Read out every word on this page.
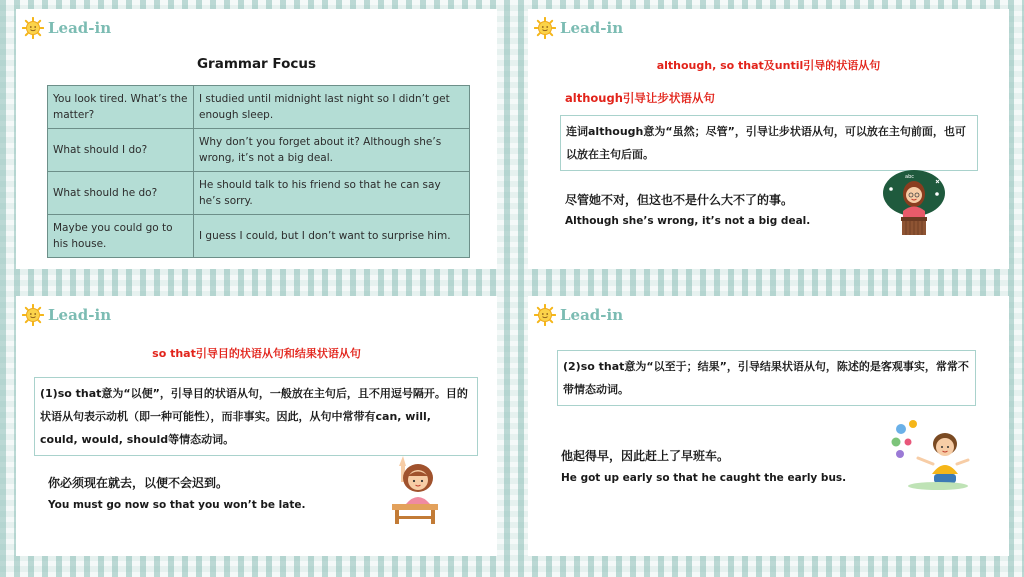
Lead-in
Grammar Focus
You look tired. What’s the matter?	I studied until midnight last night so I didn’t get enough sleep.
What should I do?	Why don’t you forget about it? Although she’s wrong, it’s not a big deal.
What should he do?	He should talk to his friend so that he can say he’s sorry.
Maybe you could go to his house.	I guess I could, but I don’t want to surprise him.
Lead-in
although, so that及until引导的状语从句
although引导让步状语从句
连词although意为“虽然；尽管”，引导让步状语从句，可以放在主句前面，也可以放在主句后面。
尽管她不对，但这也不是什么大不了的事。
Although she’s wrong, it’s not a big deal.
abc
Lead-in
so that引导目的状语从句和结果状语从句
(1)so that意为“以便”，引导目的状语从句，一般放在主句后，且不用逗号隔开。目的状语从句表示动机（即一种可能性），而非事实。因此，从句中常带有can, will, could, would, should等情态动词。
你必须现在就去，以便不会迟到。
You must go now so that you won’t be late.
Lead-in
(2)so that意为“以至于；结果”，引导结果状语从句，陈述的是客观事实，常常不带情态动词。
他起得早，因此赶上了早班车。
He got up early so that he caught the early bus.
